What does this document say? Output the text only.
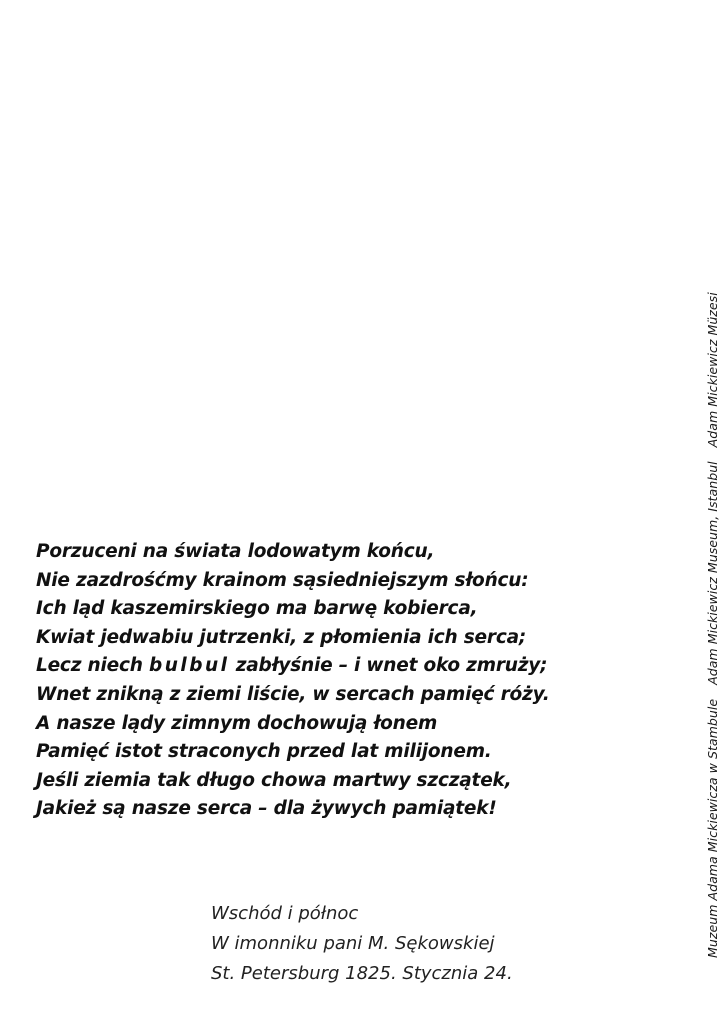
Porzuceni na świata lodowatym końcu,
Nie zazdrośćmy krainom sąsiedniejszym słońcu:
Ich ląd kaszemirskiego ma barwę kobierca,
Kwiat jedwabiu jutrzenki, z płomienia ich serca;
Lecz niech bulbul zabłyśnie – i wnet oko zmruży;
Wnet znikną z ziemi liście, w sercach pamięć róży.
A nasze lądy zimnym dochowują łonem
Pamięć istot straconych przed lat milijonem.
Jeśli ziemia tak długo chowa martwy szczątek,
Jakież są nasze serca – dla żywych pamiątek!
Wschód i północ
W imonniku pani M. Sękowskiej
St. Petersburg 1825. Stycznia 24.
Muzeum Adama Mickiewicza w StambuleAdam Mickiewicz Museum, IstanbulAdam Mickiewicz Müzesi
